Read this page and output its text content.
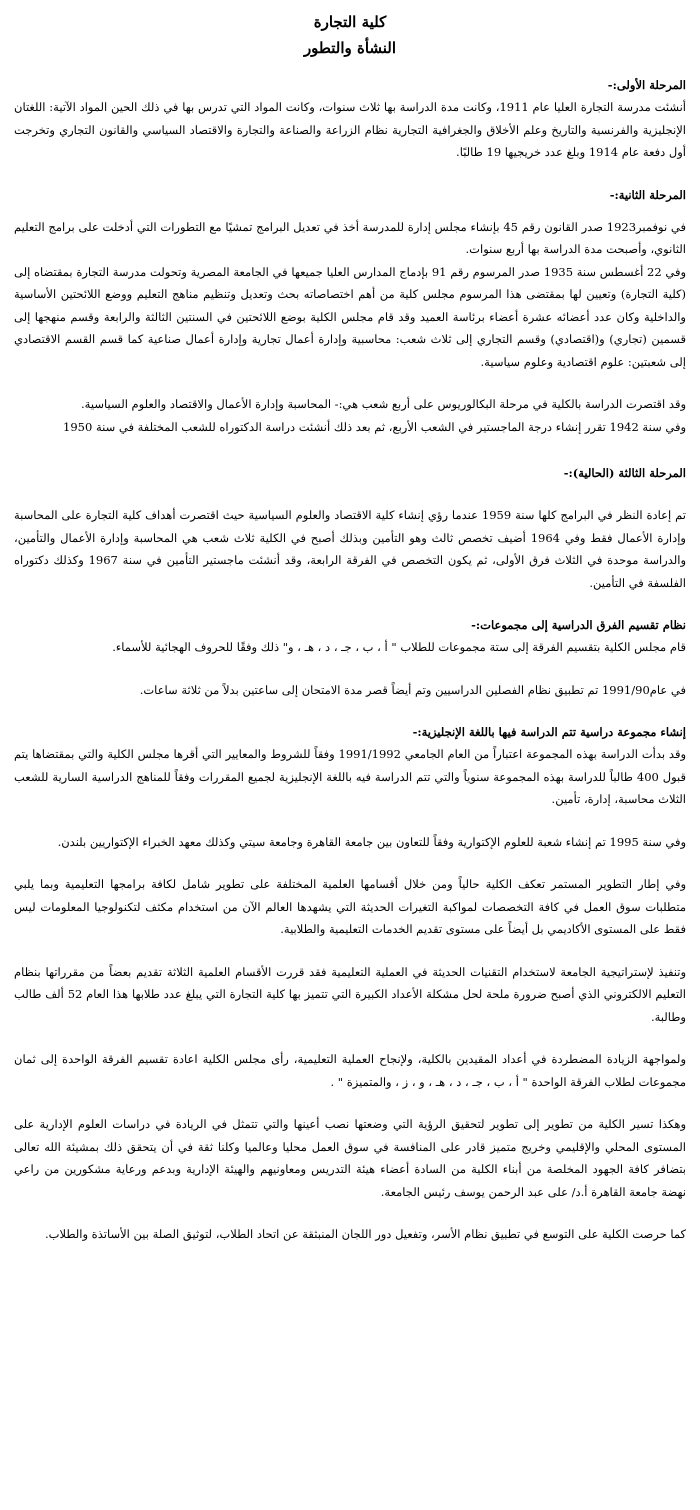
كلية التجارة
النشأة والتطور
المرحلة الأولى:-

أنشئت مدرسة التجارة العليا عام 1911، وكانت مدة الدراسة بها ثلاث سنوات، وكانت المواد التي تدرس بها في ذلك الحين المواد الآتية: اللغتان الإنجليزية والفرنسية والتاريخ وعلم الأخلاق والجغرافية التجارية نظام الزراعة والصناعة والتجارة والاقتصاد السياسي والقانون التجاري وتخرجت أول دفعة عام 1914 وبلغ عدد خريجيها 19 طالبًا.

المرحلة الثانية:-

في نوفمبر1923 صدر القانون رقم 45 بإنشاء مجلس إدارة للمدرسة أخذ في تعديل البرامج تمشيًا مع التطورات التي أدخلت على برامج التعليم الثانوي، وأصبحت مدة الدراسة بها أربع سنوات.

وفي 22 أغسطس سنة 1935 صدر المرسوم رقم 91 بإدماج المدارس العليا جميعها في الجامعة المصرية وتحولت مدرسة التجارة بمقتضاه إلى (كلية التجارة) وتعيين لها بمقتضى هذا المرسوم مجلس كلية من أهم اختصاصاته بحث وتعديل وتنظيم مناهج التعليم ووضع اللائحتين الأساسية والداخلية وكان عدد أعضائه عشرة أعضاء برئاسة العميد وقد قام مجلس الكلية بوضع اللائحتين في السنتين الثالثة والرابعة وقسم منهجها إلى قسمين (تجاري) و(اقتصادي) وقسم التجاري إلى ثلاث شعب: محاسبية وإدارة أعمال تجارية وإدارة أعمال صناعية كما قسم القسم الاقتصادي إلى شعبتين: علوم اقتصادية وعلوم سياسية.

وقد اقتصرت الدراسة بالكلية في مرحلة البكالوريوس على أربع شعب هي:- المحاسبة وإدارة الأعمال والاقتصاد والعلوم السياسية.

وفي سنة 1942 تقرر إنشاء درجة الماجستير في الشعب الأربع، ثم بعد ذلك أنشئت دراسة الدكتوراه للشعب المختلفة في سنة 1950

المرحلة الثالثة (الحالية):-

تم إعادة النظر في البرامج كلها سنة 1959 عندما رؤي إنشاء كلية الاقتصاد والعلوم السياسية حيث اقتصرت أهداف كلية التجارة على المحاسبة وإدارة الأعمال فقط وفي 1964 أضيف تخصص ثالث وهو التأمين وبذلك أصبح في الكلية ثلاث شعب هي المحاسبة وإدارة الأعمال والتأمين، والدراسة موحدة في الثلاث فرق الأولى، ثم يكون التخصص في الفرقة الرابعة، وقد أنشئت ماجستير التأمين في سنة 1967 وكذلك دكتوراه الفلسفة في التأمين.

نظام تقسيم الفرق الدراسية إلى مجموعات:-

قام مجلس الكلية بتقسيم الفرقة إلى ستة مجموعات للطلاب " أ ، ب ، جـ ، د ، هـ ، و" ذلك وفقًا للحروف الهجائية للأسماء.

في عام1991/90 تم تطبيق نظام الفصلين الدراسيين وتم أيضاً قصر مدة الامتحان إلى ساعتين بدلاً من ثلاثة ساعات.

إنشاء مجموعة دراسية تتم الدراسة فيها باللغة الإنجليزية:-

وقد بدأت الدراسة بهذه المجموعة اعتباراً من العام الجامعي 1991/1992 وفقاً للشروط والمعايير التي أقرها مجلس الكلية والتي بمقتضاها يتم قبول 400 طالباً للدراسة بهذه المجموعة سنوياً والتي تتم الدراسة فيه باللغة الإنجليزية لجميع المقررات وفقاً للمناهج الدراسية السارية للشعب الثلاث محاسبة، إدارة، تأمين.

وفي سنة 1995 تم إنشاء شعبة للعلوم الإكتوارية وفقاً للتعاون بين جامعة القاهرة وجامعة سيتي وكذلك معهد الخبراء الإكتواريين بلندن.

وفي إطار التطوير المستمر تعكف الكلية حالياً ومن خلال أقسامها العلمية المختلفة على تطوير شامل لكافة برامجها التعليمية وبما يلبي متطلبات سوق العمل في كافة التخصصات لمواكبة التغيرات الحديثة التي يشهدها العالم الآن من استخدام مكثف لتكنولوجيا المعلومات ليس فقط على المستوى الأكاديمي بل أيضاً على مستوى تقديم الخدمات التعليمية والطلابية.

وتنفيذ لإستراتيجية الجامعة لاستخدام التقنيات الحديثة في العملية التعليمية فقد قررت الأقسام العلمية الثلاثة تقديم بعضاً من مقرراتها بنظام التعليم الالكتروني الذي أصبح ضرورة ملحة لحل مشكلة الأعداد الكبيرة التي تتميز بها كلية التجارة التي يبلغ عدد طلابها هذا العام 52 ألف طالب وطالبة.

ولمواجهة الزيادة المضطردة في أعداد المقيدين بالكلية، ولإنجاح العملية التعليمية، رأى مجلس الكلية اعادة تقسيم الفرقة الواحدة إلى ثمان مجموعات لطلاب الفرقة الواحدة " أ ، ب ، جـ ، د ، هـ ، و ، ز ، والمتميزة " .

وهكذا تسير الكلية من تطوير إلى تطوير لتحقيق الرؤية التي وضعتها نصب أعينها والتي تتمثل في الريادة في دراسات العلوم الإدارية على المستوى المحلي والإقليمي وخريج متميز قادر على المنافسة في سوق العمل محليا وعالميا وكلنا ثقة في أن يتحقق ذلك بمشيئة الله تعالى بتضافر كافة الجهود المخلصة من أبناء الكلية من السادة أعضاء هيئة التدريس ومعاونيهم والهيئة الإدارية وبدعم ورعاية مشكورين من راعي نهضة جامعة القاهرة أ.د/ على عبد الرحمن يوسف رئيس الجامعة.

كما حرصت الكلية على التوسع في تطبيق نظام الأسر، وتفعيل دور اللجان المنبثقة عن اتحاد الطلاب، لتوثيق الصلة بين الأساتذة والطلاب.
